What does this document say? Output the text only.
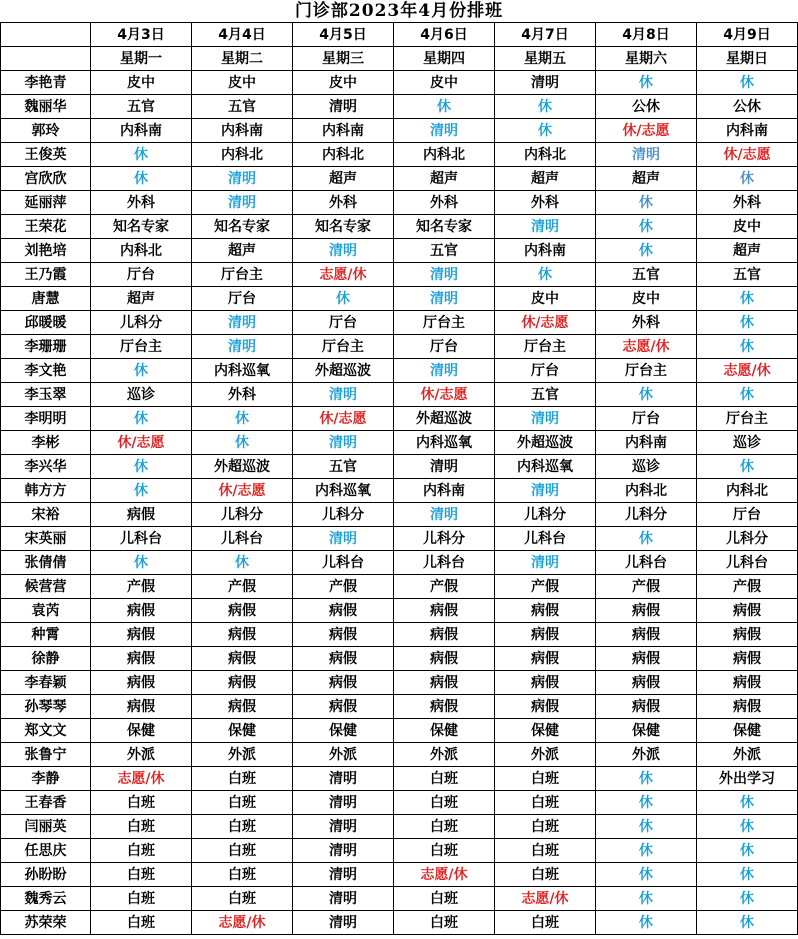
门诊部2023年4月份排班							
	4月3日	4月4日	4月5日	4月6日	4月7日	4月8日	4月9日
	星期一	星期二	星期三	星期四	星期五	星期六	星期日
李艳青	皮中	皮中	皮中	皮中	清明	休	休
魏丽华	五官	五官	清明	休	休	公休	公休
郭玲	内科南	内科南	内科南	清明	休	休/志愿	内科南
王俊英	休	内科北	内科北	内科北	内科北	清明	休/志愿
宫欣欣	休	清明	超声	超声	超声	超声	休
延丽萍	外科	清明	外科	外科	外科	休	外科
王荣花	知名专家	知名专家	知名专家	知名专家	清明	休	皮中
刘艳培	内科北	超声	清明	五官	内科南	休	超声
王乃霞	厅台	厅台主	志愿/休	清明	休	五官	五官
唐慧	超声	厅台	休	清明	皮中	皮中	休
邱暖暖	儿科分	清明	厅台	厅台主	休/志愿	外科	休
李珊珊	厅台主	清明	厅台主	厅台	厅台主	志愿/休	休
李文艳	休	内科巡氧	外超巡波	清明	厅台	厅台主	志愿/休
李玉翠	巡诊	外科	清明	休/志愿	五官	休	休
李明明	休	休	休/志愿	外超巡波	清明	厅台	厅台主
李彬	休/志愿	休	清明	内科巡氧	外超巡波	内科南	巡诊
李兴华	休	外超巡波	五官	清明	内科巡氧	巡诊	休
韩方方	休	休/志愿	内科巡氧	内科南	清明	内科北	内科北
宋裕	病假	儿科分	儿科分	清明	儿科分	儿科分	厅台
宋英丽	儿科台	儿科台	清明	儿科分	儿科台	休	儿科分
张倩倩	休	休	儿科台	儿科台	清明	儿科台	儿科台
候营营	产假	产假	产假	产假	产假	产假	产假
袁芮	病假	病假	病假	病假	病假	病假	病假
种霄	病假	病假	病假	病假	病假	病假	病假
徐静	病假	病假	病假	病假	病假	病假	病假
李春颖	病假	病假	病假	病假	病假	病假	病假
孙琴琴	病假	病假	病假	病假	病假	病假	病假
郑文文	保健	保健	保健	保健	保健	保健	保健
张鲁宁	外派	外派	外派	外派	外派	外派	外派
李静	志愿/休	白班	清明	白班	白班	休	外出学习
王春香	白班	白班	清明	白班	白班	休	休
闫丽英	白班	白班	清明	白班	白班	休	休
任思庆	白班	白班	清明	白班	白班	休	休
孙盼盼	白班	白班	清明	志愿/休	白班	休	休
魏秀云	白班	白班	清明	白班	志愿/休	休	休
苏荣荣	白班	志愿/休	清明	白班	白班	休	休
